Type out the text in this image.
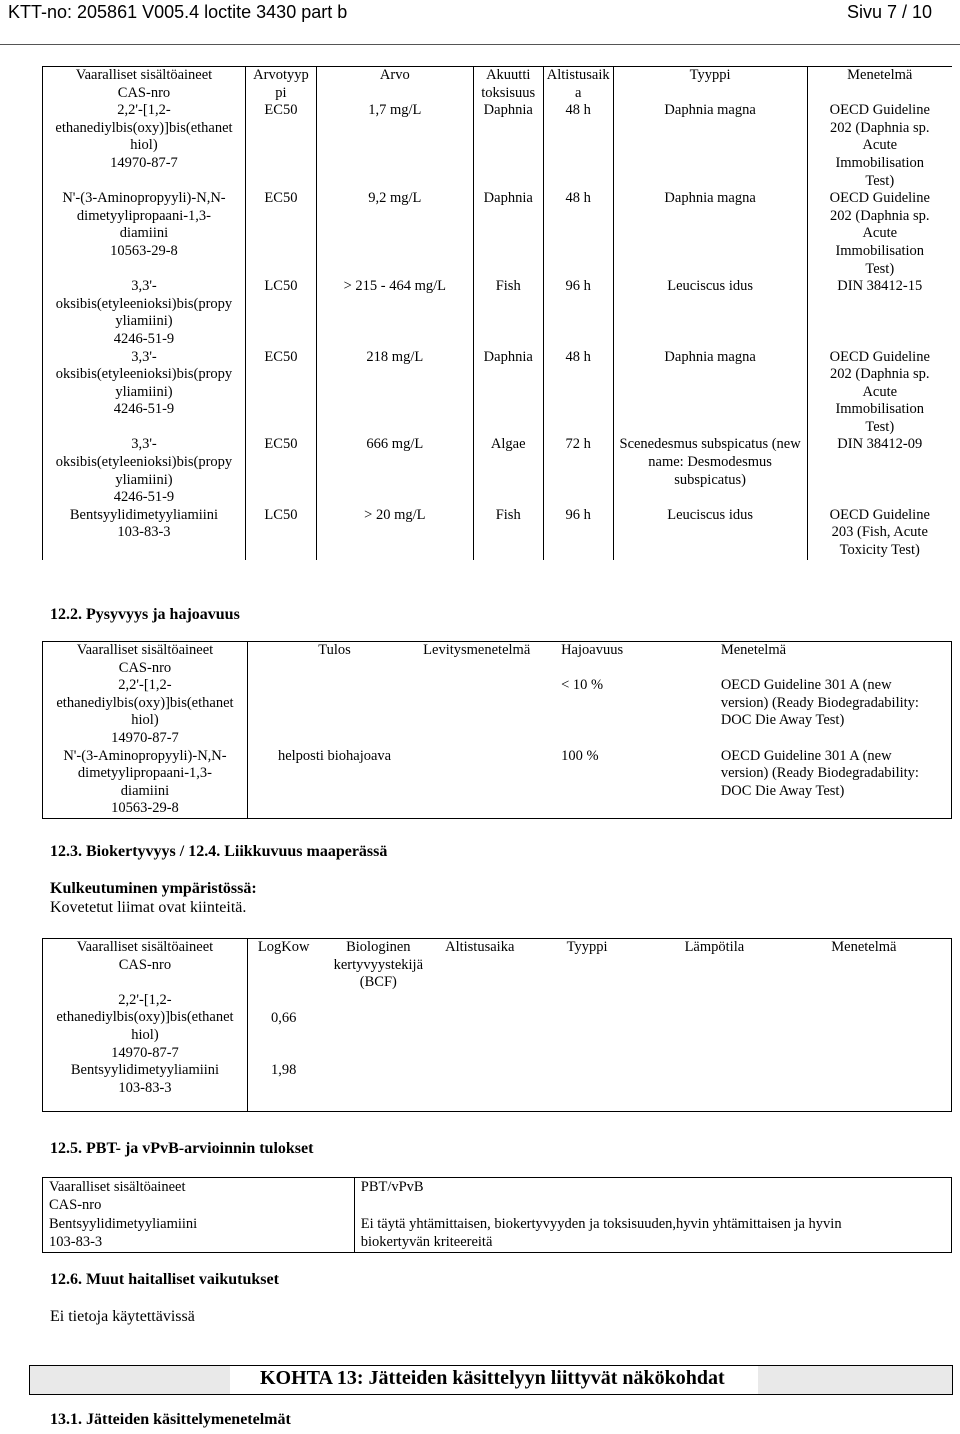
KTT-no: 205861 V005.4 loctite 3430 part b	Sivu 7 / 10
Vaaralliset sisältöaineet
CAS-nro	Arvotyyp
pi	Arvo	Akuutti
toksisuus	Altistusaik
a	Tyyppi	Menetelmä
2,2'-[1,2-
ethanediylbis(oxy)]bis(ethanet
hiol)
14970-87-7	EC50	1,7 mg/L	Daphnia	48 h	Daphnia magna	OECD Guideline
202 (Daphnia sp.
Acute
Immobilisation
Test)
N'-(3-Aminopropyyli)-N,N-
dimetyylipropaani-1,3-
diamiini
10563-29-8	EC50	9,2 mg/L	Daphnia	48 h	Daphnia magna	OECD Guideline
202 (Daphnia sp.
Acute
Immobilisation
Test)
3,3'-
oksibis(etyleenioksi)bis(propy
yliamiini)
4246-51-9	LC50	> 215 - 464 mg/L	Fish	96 h	Leuciscus idus	DIN 38412-15
3,3'-
oksibis(etyleenioksi)bis(propy
yliamiini)
4246-51-9	EC50	218 mg/L	Daphnia	48 h	Daphnia magna	OECD Guideline
202 (Daphnia sp.
Acute
Immobilisation
Test)
3,3'-
oksibis(etyleenioksi)bis(propy
yliamiini)
4246-51-9	EC50	666 mg/L	Algae	72 h	Scenedesmus subspicatus (new
name: Desmodesmus
subspicatus)	DIN 38412-09
Bentsyylidimetyyliamiini
103-83-3	LC50	> 20 mg/L	Fish	96 h	Leuciscus idus	OECD Guideline
203 (Fish, Acute
Toxicity Test)
12.2. Pysyvyys ja hajoavuus
Vaaralliset sisältöaineet
CAS-nro	Tulos	Levitysmenetelmä	Hajoavuus	Menetelmä
2,2'-[1,2-
ethanediylbis(oxy)]bis(ethanet
hiol)
14970-87-7			< 10 %	OECD Guideline 301 A (new
version) (Ready Biodegradability:
DOC Die Away Test)
N'-(3-Aminopropyyli)-N,N-
dimetyylipropaani-1,3-
diamiini
10563-29-8	helposti biohajoava		100 %	OECD Guideline 301 A (new
version) (Ready Biodegradability:
DOC Die Away Test)
12.3. Biokertyvyys / 12.4. Liikkuvuus maaperässä
Kulkeutuminen ympäristössä:
Kovetetut liimat ovat kiinteitä.
Vaaralliset sisältöaineet
CAS-nro	LogKow	Biologinen
kertyvyystekijä
(BCF)	Altistusaika	Tyyppi	Lämpötila	Menetelmä
2,2'-[1,2-
ethanediylbis(oxy)]bis(ethanet
hiol)
14970-87-7	0,66					
Bentsyylidimetyyliamiini
103-83-3	1,98					
12.5. PBT- ja vPvB-arvioinnin tulokset
Vaaralliset sisältöaineet
CAS-nro	PBT/vPvB
Bentsyylidimetyyliamiini
103-83-3	Ei täytä yhtämittaisen, biokertyvyyden ja toksisuuden,hyvin yhtämittaisen ja hyvin
biokertyvän kriteereitä
12.6. Muut haitalliset vaikutukset
Ei tietoja käytettävissä
KOHTA 13: Jätteiden käsittelyyn liittyvät näkökohdat
13.1. Jätteiden käsittelymenetelmät
